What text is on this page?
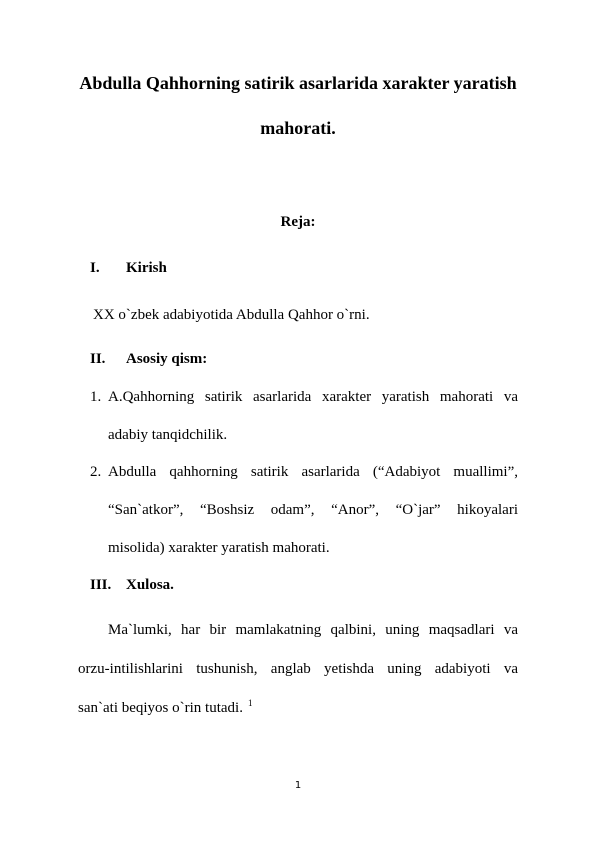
Abdulla Qahhorning satirik asarlarida xarakter yaratish
mahorati.
Reja:
I. Kirish
XX o`zbek adabiyotida Abdulla Qahhor o`rni.
II. Asosiy qism:
1. A.Qahhorning satirik asarlarida xarakter yaratish mahorati va
adabiy tanqidchilik.
2. Abdulla qahhorning satirik asarlarida (“Adabiyot muallimi”,
“San`atkor”, “Boshsiz odam”, “Anor”, “O`jar” hikoyalari
misolida) xarakter yaratish mahorati.
III. Xulosa.
Ma`lumki, har bir mamlakatning qalbini, uning maqsadlari va
orzu-intilishlarini tushunish, anglab yetishda uning adabiyoti va
san`ati beqiyos o`rin tutadi. $^1$
1
